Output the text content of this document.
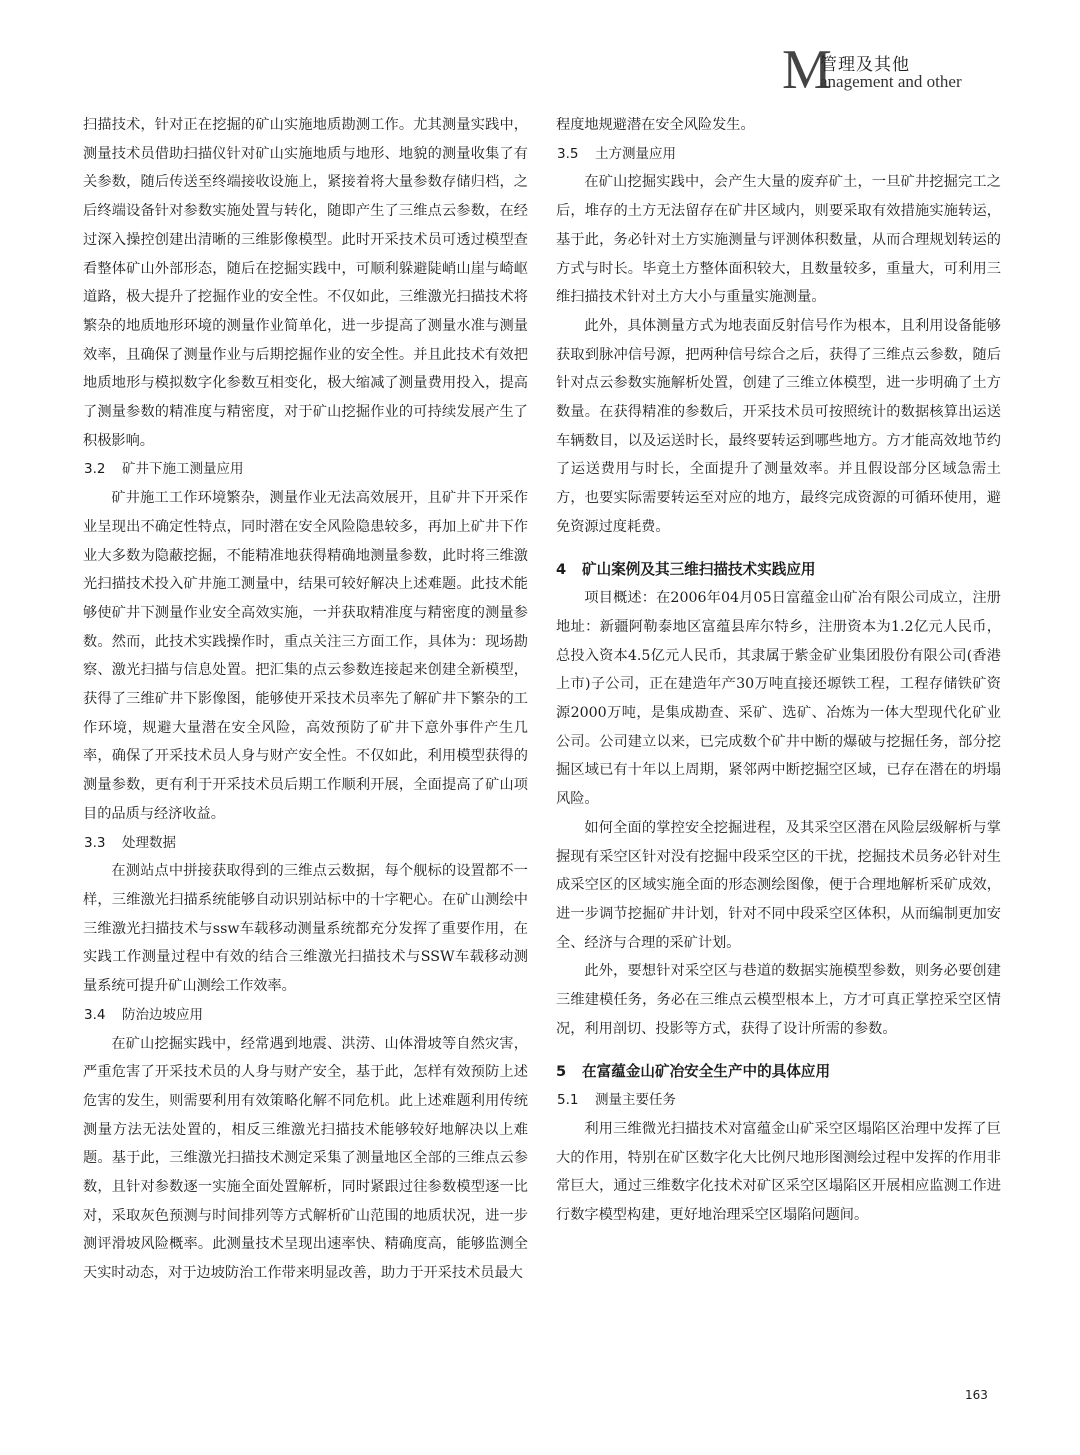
M
管理及其他
anagement and other

扫描技术，针对正在挖掘的矿山实施地质勘测工作。尤其测量实践中，测量技术员借助扫描仪针对矿山实施地质与地形、地貌的测量收集了有关参数，随后传送至终端接收设施上，紧接着将大量参数存储归档，之后终端设备针对参数实施处置与转化，随即产生了三维点云参数，在经过深入操控创建出清晰的三维影像模型。此时开采技术员可透过模型查看整体矿山外部形态，随后在挖掘实践中，可顺利躲避陡峭山崖与崎岖道路，极大提升了挖掘作业的安全性。不仅如此，三维激光扫描技术将繁杂的地质地形环境的测量作业简单化，进一步提高了测量水准与测量效率，且确保了测量作业与后期挖掘作业的安全性。并且此技术有效把地质地形与模拟数字化参数互相变化，极大缩减了测量费用投入，提高了测量参数的精准度与精密度，对于矿山挖掘作业的可持续发展产生了积极影响。

3.2 矿井下施工测量应用

矿井施工工作环境繁杂，测量作业无法高效展开，且矿井下开采作业呈现出不确定性特点，同时潜在安全风险隐患较多，再加上矿井下作业大多数为隐蔽挖掘，不能精准地获得精确地测量参数，此时将三维激光扫描技术投入矿井施工测量中，结果可较好解决上述难题。此技术能够使矿井下测量作业安全高效实施，一并获取精准度与精密度的测量参数。然而，此技术实践操作时，重点关注三方面工作，具体为：现场勘察、激光扫描与信息处置。把汇集的点云参数连接起来创建全新模型，获得了三维矿井下影像图，能够使开采技术员率先了解矿井下繁杂的工作环境，规避大量潜在安全风险，高效预防了矿井下意外事件产生几率，确保了开采技术员人身与财产安全性。不仅如此，利用模型获得的测量参数，更有利于开采技术员后期工作顺利开展，全面提高了矿山项目的品质与经济收益。

3.3 处理数据

在测站点中拼接获取得到的三维点云数据，每个舰标的设置都不一样，三维激光扫描系统能够自动识别站标中的十字靶心。在矿山测绘中三维激光扫描技术与ssw车载移动测量系统都充分发挥了重要作用，在实践工作测量过程中有效的结合三维激光扫描技术与SSW车载移动测量系统可提升矿山测绘工作效率。

3.4 防治边坡应用

在矿山挖掘实践中，经常遇到地震、洪涝、山体滑坡等自然灾害，严重危害了开采技术员的人身与财产安全，基于此，怎样有效预防上述危害的发生，则需要利用有效策略化解不同危机。此上述难题利用传统测量方法无法处置的，相反三维激光扫描技术能够较好地解决以上难题。基于此，三维激光扫描技术测定采集了测量地区全部的三维点云参数，且针对参数逐一实施全面处置解析，同时紧跟过往参数模型逐一比对，采取灰色预测与时间排列等方式解析矿山范围的地质状况，进一步测评滑坡风险概率。此测量技术呈现出速率快、精确度高，能够监测全天实时动态，对于边坡防治工作带来明显改善，助力于开采技术员最大

程度地规避潜在安全风险发生。

3.5 土方测量应用

在矿山挖掘实践中，会产生大量的废弃矿土，一旦矿井挖掘完工之后，堆存的土方无法留存在矿井区域内，则要采取有效措施实施转运，基于此，务必针对土方实施测量与评测体积数量，从而合理规划转运的方式与时长。毕竟土方整体面积较大，且数量较多，重量大，可利用三维扫描技术针对土方大小与重量实施测量。

此外，具体测量方式为地表面反射信号作为根本，且利用设备能够获取到脉冲信号源，把两种信号综合之后，获得了三维点云参数，随后针对点云参数实施解析处置，创建了三维立体模型，进一步明确了土方数量。在获得精准的参数后，开采技术员可按照统计的数据核算出运送车辆数目，以及运送时长，最终要转运到哪些地方。方才能高效地节约了运送费用与时长，全面提升了测量效率。并且假设部分区域急需土方，也要实际需要转运至对应的地方，最终完成资源的可循环使用，避免资源过度耗费。

4 矿山案例及其三维扫描技术实践应用

项目概述：在2006年04月05日富蕴金山矿冶有限公司成立，注册地址：新疆阿勒泰地区富蕴县库尔特乡，注册资本为1.2亿元人民币，总投入资本4.5亿元人民币，其隶属于紫金矿业集团股份有限公司(香港上市)子公司，正在建造年产30万吨直接还塬铁工程，工程存储铁矿资源2000万吨，是集成勘查、采矿、选矿、冶炼为一体大型现代化矿业公司。公司建立以来，已完成数个矿井中断的爆破与挖掘任务，部分挖掘区域已有十年以上周期，紧邻两中断挖掘空区域，已存在潜在的坍塌风险。

如何全面的掌控安全挖掘进程，及其采空区潜在风险层级解析与掌握现有采空区针对没有挖掘中段采空区的干扰，挖掘技术员务必针对生成采空区的区域实施全面的形态测绘图像，便于合理地解析采矿成效，进一步调节挖掘矿井计划，针对不同中段采空区体积，从而编制更加安全、经济与合理的采矿计划。

此外，要想针对采空区与巷道的数据实施模型参数，则务必要创建三维建模任务，务必在三维点云模型根本上，方才可真正掌控采空区情况，利用剖切、投影等方式，获得了设计所需的参数。

5 在富蕴金山矿冶安全生产中的具体应用
5.1 测量主要任务

利用三维微光扫描技术对富蕴金山矿采空区塌陷区治理中发挥了巨大的作用，特别在矿区数字化大比例尺地形图测绘过程中发挥的作用非常巨大，通过三维数字化技术对矿区采空区塌陷区开展相应监测工作进行数字模型构建，更好地治理采空区塌陷问题间。

163
